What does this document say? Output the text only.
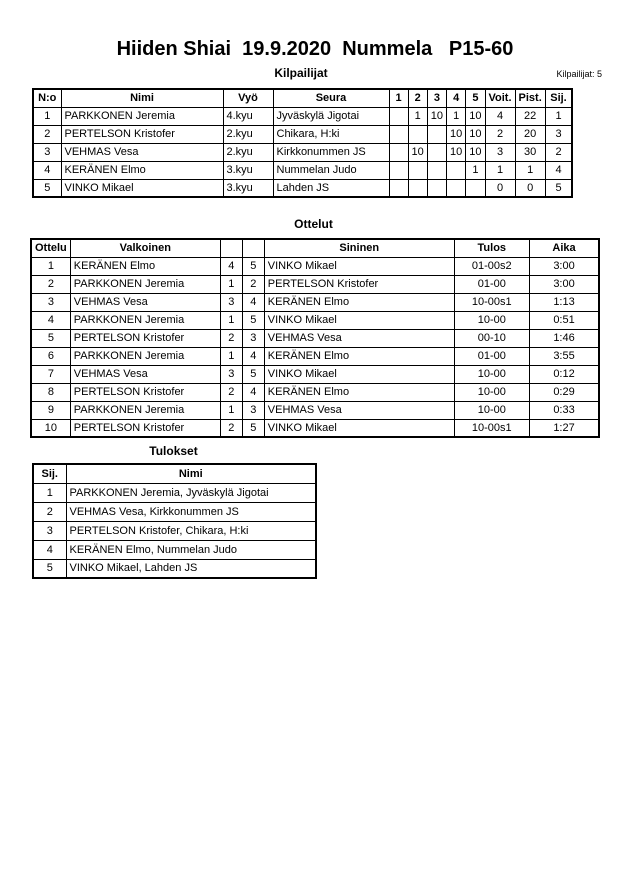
Hiiden Shiai  19.9.2020  Nummela   P15-60
Kilpailijat	Kilpailijat: 5
N:o	Nimi	Vyö	Seura	1	2	3	4	5	Voit.	Pist.	Sij.
1	PARKKONEN Jeremia	4.kyu	Jyväskylä Jigotai		1	10	1	10	4	22	1
2	PERTELSON Kristofer	2.kyu	Chikara, H:ki				10	10	2	20	3
3	VEHMAS Vesa	2.kyu	Kirkkonummen JS		10		10	10	3	30	2
4	KERÄNEN Elmo	3.kyu	Nummelan Judo					1	1	1	4
5	VINKO Mikael	3.kyu	Lahden JS						0	0	5
Ottelut
Ottelu	Valkoinen			Sininen	Tulos	Aika
1	KERÄNEN Elmo	4	5	VINKO Mikael	01-00s2	3:00
2	PARKKONEN Jeremia	1	2	PERTELSON Kristofer	01-00	3:00
3	VEHMAS Vesa	3	4	KERÄNEN Elmo	10-00s1	1:13
4	PARKKONEN Jeremia	1	5	VINKO Mikael	10-00	0:51
5	PERTELSON Kristofer	2	3	VEHMAS Vesa	00-10	1:46
6	PARKKONEN Jeremia	1	4	KERÄNEN Elmo	01-00	3:55
7	VEHMAS Vesa	3	5	VINKO Mikael	10-00	0:12
8	PERTELSON Kristofer	2	4	KERÄNEN Elmo	10-00	0:29
9	PARKKONEN Jeremia	1	3	VEHMAS Vesa	10-00	0:33
10	PERTELSON Kristofer	2	5	VINKO Mikael	10-00s1	1:27
Tulokset
Sij.	Nimi
1	PARKKONEN Jeremia, Jyväskylä Jigotai
2	VEHMAS Vesa, Kirkkonummen JS
3	PERTELSON Kristofer, Chikara, H:ki
4	KERÄNEN Elmo, Nummelan Judo
5	VINKO Mikael, Lahden JS
